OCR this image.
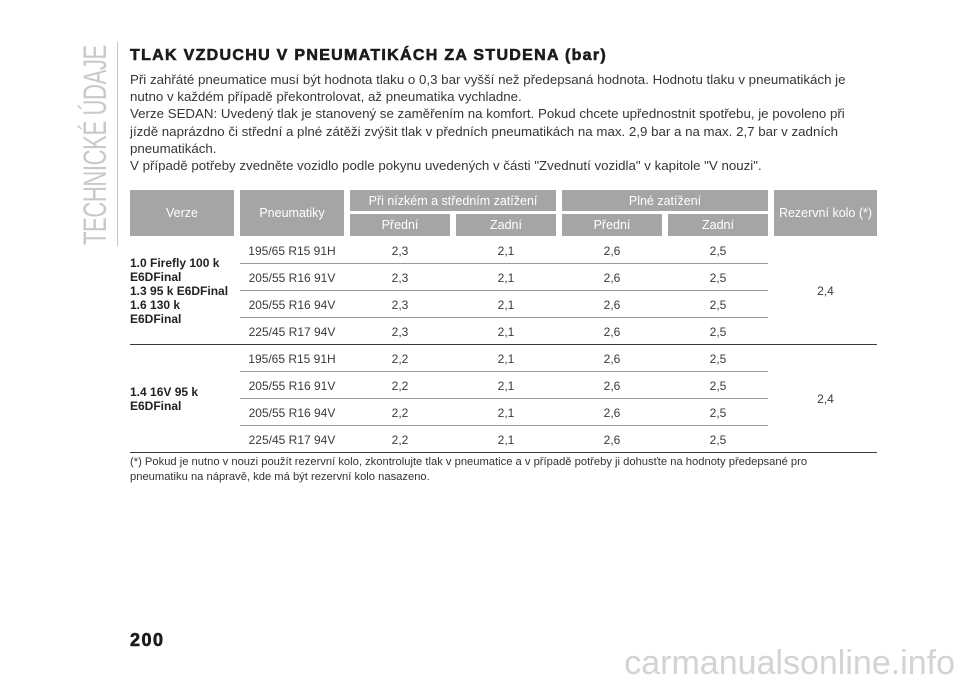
TECHNICKÉ ÚDAJE TLAK VZDUCHU V PNEUMATIKÁCH ZA STUDENA (bar)
Při zahřáté pneumatice musí být hodnota tlaku o 0,3 bar vyšší než předepsaná hodnota. Hodnotu tlaku v pneumatikách je
nutno v každém případě překontrolovat, až pneumatika vychladne.
Verze SEDAN: Uvedený tlak je stanovený se zaměřením na komfort. Pokud chcete upřednostnit spotřebu, je povoleno při
jízdě naprázdno či střední a plné zátěži zvýšit tlak v předních pneumatikách na max. 2,9 bar a na max. 2,7 bar v zadních
pneumatikách.
V případě potřeby zvedněte vozidlo podle pokynu uvedených v části "Zvednutí vozidla" v kapitole "V nouzi".
Verze	Pneumatiky
Při nízkém a středním zatížení
Přední	Zadní
Plné zatížení
Přední	Zadní
Rezervní kolo (*)
1.0 Firefly 100 k E6DFinal
1.3 95 k E6DFinal
1.6 130 k E6DFinal
195/65 R15 91H	2,3	2,1	2,6	2,5
205/55 R16 91V	2,3	2,1	2,6	2,5
205/55 R16 94V	2,3	2,1	2,6	2,5
225/45 R17 94V	2,3	2,1	2,6	2,5
2,4
1.4 16V 95 k E6DFinal
195/65 R15 91H	2,2	2,1	2,6	2,5
205/55 R16 91V	2,2	2,1	2,6	2,5
205/55 R16 94V	2,2	2,1	2,6	2,5
225/45 R17 94V	2,2	2,1	2,6	2,5
2,4
(*) Pokud je nutno v nouzi použít rezervní kolo, zkontrolujte tlak v pneumatice a v případě potřeby ji dohusťte na hodnoty předepsané pro
pneumatiku na nápravě, kde má být rezervní kolo nasazeno.
200
carmanualsonline.info
